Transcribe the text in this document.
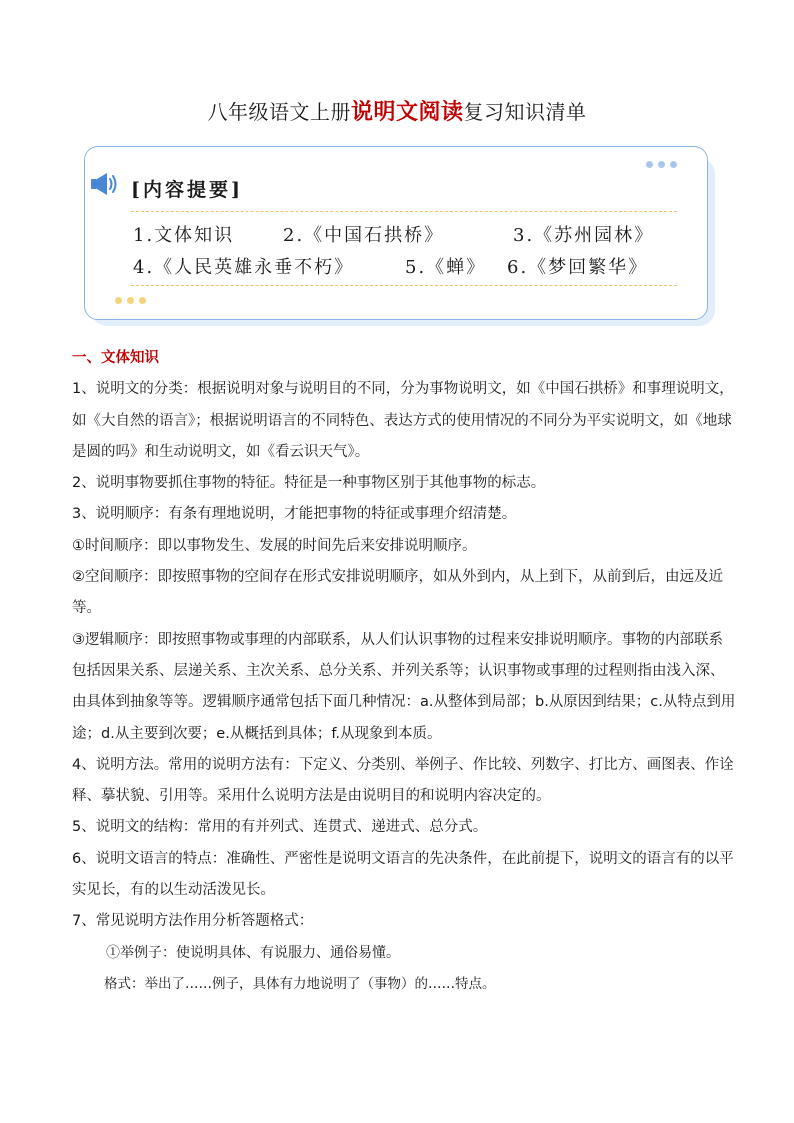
八年级语文上册说明文阅读复习知识清单
[内容提要]
1.文体知识	2.《中国石拱桥》	3.《苏州园林》
4.《人民英雄永垂不朽》	5.《蝉》 6.《梦回繁华》

一、文体知识

1、说明文的分类：根据说明对象与说明目的不同，分为事物说明文，如《中国石拱桥》和事理说明文，如《大自然的语言》；根据说明语言的不同特色、表达方式的使用情况的不同分为平实说明文，如《地球是圆的吗》和生动说明文，如《看云识天气》。

2、说明事物要抓住事物的特征。特征是一种事物区别于其他事物的标志。

3、说明顺序：有条有理地说明，才能把事物的特征或事理介绍清楚。

①时间顺序：即以事物发生、发展的时间先后来安排说明顺序。

②空间顺序：即按照事物的空间存在形式安排说明顺序，如从外到内，从上到下，从前到后，由远及近等。

③逻辑顺序：即按照事物或事理的内部联系，从人们认识事物的过程来安排说明顺序。事物的内部联系包括因果关系、层递关系、主次关系、总分关系、并列关系等；认识事物或事理的过程则指由浅入深、由具体到抽象等等。逻辑顺序通常包括下面几种情况：a.从整体到局部；b.从原因到结果；c.从特点到用途；d.从主要到次要；e.从概括到具体；f.从现象到本质。

4、说明方法。常用的说明方法有：下定义、分类别、举例子、作比较、列数字、打比方、画图表、作诠释、摹状貌、引用等。采用什么说明方法是由说明目的和说明内容决定的。

5、说明文的结构：常用的有并列式、连贯式、递进式、总分式。

6、说明文语言的特点：准确性、严密性是说明文语言的先决条件，在此前提下，说明文的语言有的以平实见长，有的以生动活泼见长。

7、常见说明方法作用分析答题格式：

①举例子：使说明具体、有说服力、通俗易懂。

格式：举出了……例子，具体有力地说明了（事物）的……特点。
